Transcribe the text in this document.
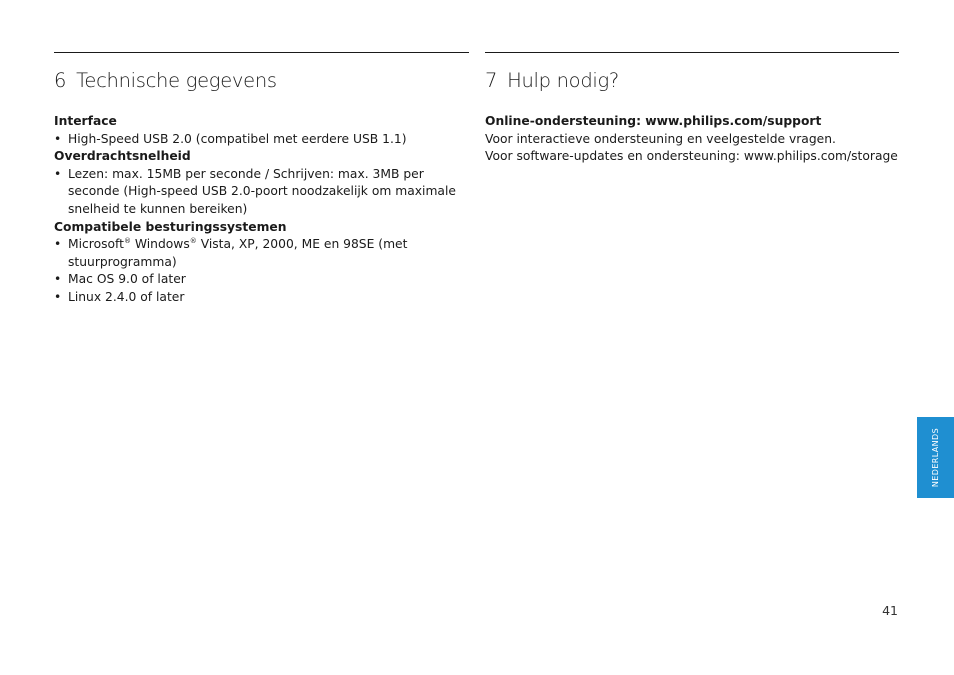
6 Technische gegevens

Interface

• High-Speed USB 2.0 (compatibel met eerdere USB 1.1)

Overdrachtsnelheid

• Lezen: max. 15MB per seconde / Schrijven: max. 3MB per seconde (High-speed USB 2.0-poort noodzakelijk om maximale snelheid te kunnen bereiken)

Compatibele besturingssystemen

• Microsoft® Windows® Vista, XP, 2000, ME en 98SE (met stuurprogramma)
• Mac OS 9.0 of later
• Linux 2.4.0 of later
7 Hulp nodig?

Online-ondersteuning: www.philips.com/support

Voor interactieve ondersteuning en veelgestelde vragen.

Voor software-updates en ondersteuning: www.philips.com/storage

NEDERLANDS
41
